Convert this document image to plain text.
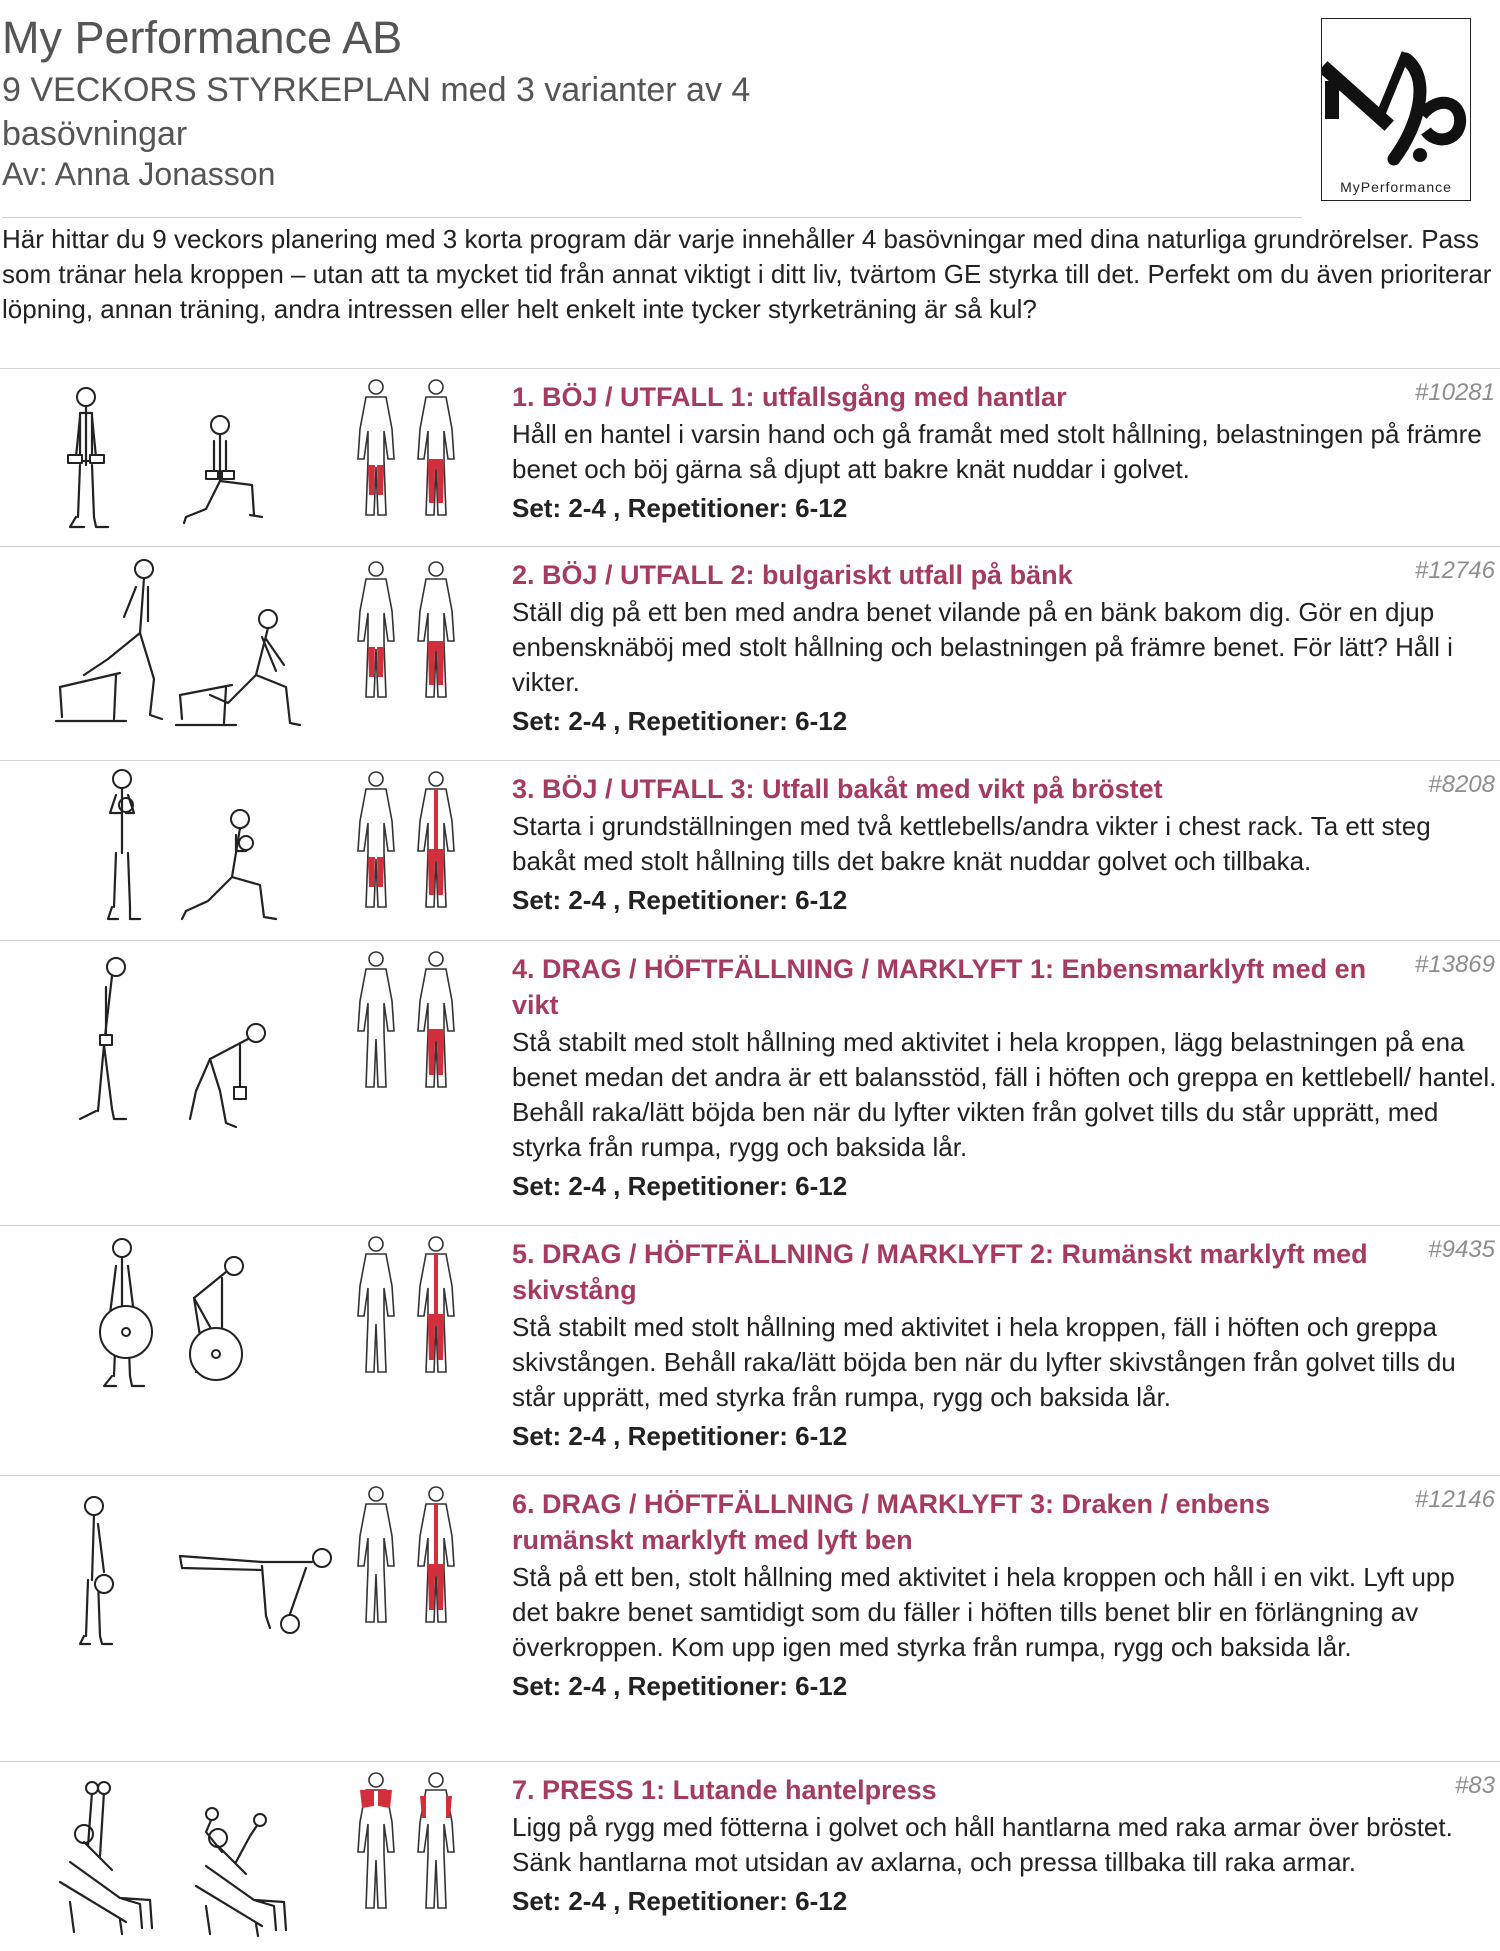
My Performance AB
9 VECKORS STYRKEPLAN med 3 varianter av 4 basövningar
Av: Anna Jonasson	MyPerformance
Här hittar du 9 veckors planering med 3 korta program där varje innehåller 4 basövningar med dina naturliga grundrörelser. Pass som tränar hela kroppen – utan att ta mycket tid från annat viktigt i ditt liv, tvärtom GE styrka till det. Perfekt om du även prioriterar löpning, annan träning, andra intressen eller helt enkelt inte tycker styrketräning är så kul?
#10281
1. BÖJ / UTFALL 1: utfallsgång med hantlar

Håll en hantel i varsin hand och gå framåt med stolt hållning, belastningen på främre benet och böj gärna så djupt att bakre knät nuddar i golvet.

Set: 2-4 , Repetitioner: 6-12
#12746
2. BÖJ / UTFALL 2: bulgariskt utfall på bänk

Ställ dig på ett ben med andra benet vilande på en bänk bakom dig. Gör en djup enbensknäböj med stolt hållning och belastningen på främre benet. För lätt? Håll i vikter.

Set: 2-4 , Repetitioner: 6-12
#8208
3. BÖJ / UTFALL 3: Utfall bakåt med vikt på bröstet

Starta i grundställningen med två kettlebells/andra vikter i chest rack. Ta ett steg bakåt med stolt hållning tills det bakre knät nuddar golvet och tillbaka.

Set: 2-4 , Repetitioner: 6-12
#13869
4. DRAG / HÖFTFÄLLNING / MARKLYFT 1: Enbensmarklyft med en vikt

Stå stabilt med stolt hållning med aktivitet i hela kroppen, lägg belastningen på ena benet medan det andra är ett balansstöd, fäll i höften och greppa en kettlebell/ hantel. Behåll raka/lätt böjda ben när du lyfter vikten från golvet tills du står upprätt, med styrka från rumpa, rygg och baksida lår.

Set: 2-4 , Repetitioner: 6-12
#9435
5. DRAG / HÖFTFÄLLNING / MARKLYFT 2: Rumänskt marklyft med skivstång

Stå stabilt med stolt hållning med aktivitet i hela kroppen, fäll i höften och greppa skivstången. Behåll raka/lätt böjda ben när du lyfter skivstången från golvet tills du står upprätt, med styrka från rumpa, rygg och baksida lår.

Set: 2-4 , Repetitioner: 6-12
#12146
6. DRAG / HÖFTFÄLLNING / MARKLYFT 3: Draken / enbens rumänskt marklyft med lyft ben

Stå på ett ben, stolt hållning med aktivitet i hela kroppen och håll i en vikt. Lyft upp det bakre benet samtidigt som du fäller i höften tills benet blir en förlängning av överkroppen. Kom upp igen med styrka från rumpa, rygg och baksida lår.

Set: 2-4 , Repetitioner: 6-12
#83
7. PRESS 1: Lutande hantelpress

Ligg på rygg med fötterna i golvet och håll hantlarna med raka armar över bröstet. Sänk hantlarna mot utsidan av axlarna, och pressa tillbaka till raka armar.

Set: 2-4 , Repetitioner: 6-12
